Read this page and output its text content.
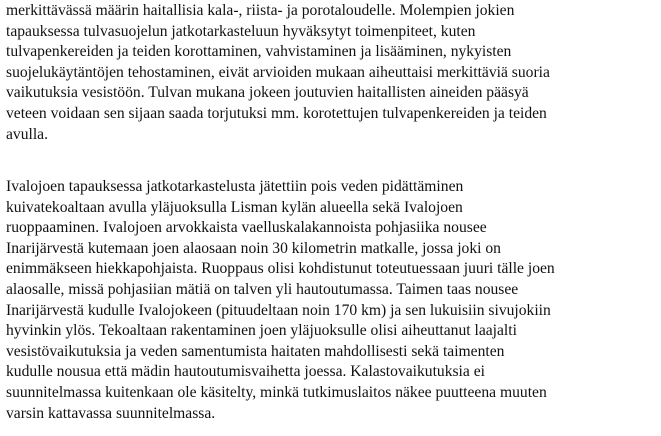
merkittävässä määrin haitallisia kala-, riista- ja porotaloudelle. Molempien jokien
tapauksessa tulvasuojelun jatkotarkasteluun hyväksytyt toimenpiteet, kuten
tulvapenkereiden ja teiden korottaminen, vahvistaminen ja lisääminen, nykyisten
suojelukäytäntöjen tehostaminen, eivät arvioiden mukaan aiheuttaisi merkittäviä suoria
vaikutuksia vesistöön. Tulvan mukana jokeen joutuvien haitallisten aineiden pääsyä
veteen voidaan sen sijaan saada torjutuksi mm. korotettujen tulvapenkereiden ja teiden
avulla.

Ivalojoen tapauksessa jatkotarkastelusta jätettiin pois veden pidättäminen
kuivatekoaltaan avulla yläjuoksulla Lisman kylän alueella sekä Ivalojoen
ruoppaaminen. Ivalojoen arvokkaista vaelluskalakannoista pohjasiika nousee
Inarijärvestä kutemaan joen alaosaan noin 30 kilometrin matkalle, jossa joki on
enimmäkseen hiekkapohjaista. Ruoppaus olisi kohdistunut toteutuessaan juuri tälle joen
alaosalle, missä pohjasiian mätiä on talven yli hautoutumassa. Taimen taas nousee
Inarijärvestä kudulle Ivalojokeen (pituudeltaan noin 170 km) ja sen lukuisiin sivujokiin
hyvinkin ylös. Tekoaltaan rakentaminen joen yläjuoksulle olisi aiheuttanut laajalti
vesistövaikutuksia ja veden samentumista haitaten mahdollisesti sekä taimenten
kudulle nousua että mädin hautoutumisvaihetta joessa. Kalastovaikutuksia ei
suunnitelmassa kuitenkaan ole käsitelty, minkä tutkimuslaitos näkee puutteena muuten
varsin kattavassa suunnitelmassa.
